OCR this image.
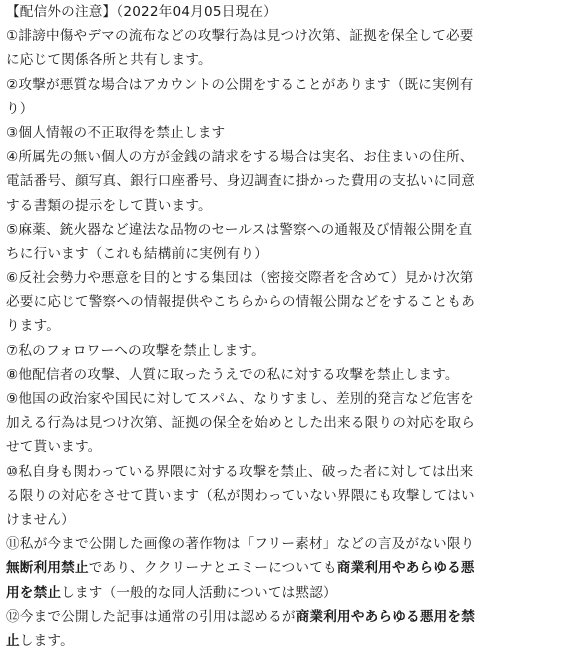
【配信外の注意】（2022年04月05日現在）
①誹謗中傷やデマの流布などの攻撃行為は見つけ次第、証拠を保全して必要
に応じて関係各所と共有します。
②攻撃が悪質な場合はアカウントの公開をすることがあります（既に実例有
り）
③個人情報の不正取得を禁止します
④所属先の無い個人の方が金銭の請求をする場合は実名、お住まいの住所、
電話番号、顔写真、銀行口座番号、身辺調査に掛かった費用の支払いに同意
する書類の提示をして貰います。
⑤麻薬、銃火器など違法な品物のセールスは警察への通報及び情報公開を直
ちに行います（これも結構前に実例有り）
⑥反社会勢力や悪意を目的とする集団は（密接交際者を含めて）見かけ次第
必要に応じて警察への情報提供やこちらからの情報公開などをすることもあ
ります。
⑦私のフォロワーへの攻撃を禁止します。
⑧他配信者の攻撃、人質に取ったうえでの私に対する攻撃を禁止します。
⑨他国の政治家や国民に対してスパム、なりすまし、差別的発言など危害を
加える行為は見つけ次第、証拠の保全を始めとした出来る限りの対応を取ら
せて貰います。
⑩私自身も関わっている界隈に対する攻撃を禁止、破った者に対しては出来
る限りの対応をさせて貰います（私が関わっていない界隈にも攻撃してはい
けません）
⑪私が今まで公開した画像の著作物は「フリー素材」などの言及がない限り
無断利用禁止であり、ククリーナとエミーについても商業利用やあらゆる悪
用を禁止します（一般的な同人活動については黙認）
⑫今まで公開した記事は通常の引用は認めるが商業利用やあらゆる悪用を禁
止します。
